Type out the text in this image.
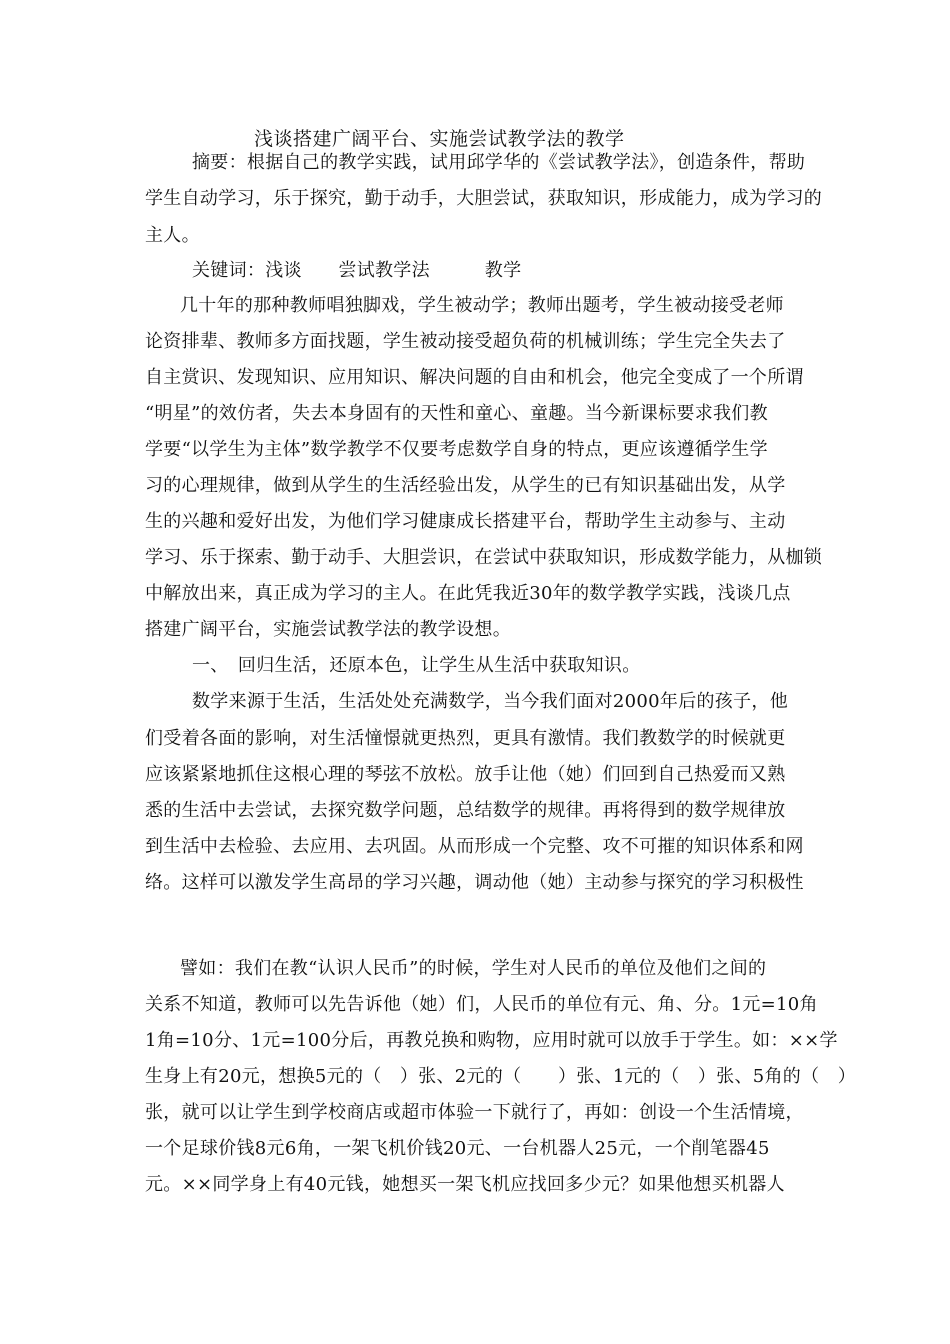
浅谈搭建广阔平台、实施尝试教学法的教学
摘要：根据自己的教学实践，试用邱学华的《尝试教学法》，创造条件，帮助
学生自动学习，乐于探究，勤于动手，大胆尝试，获取知识，形成能力，成为学习的
主人。
关键词：浅谈　　尝试教学法　　　教学
几十年的那种教师唱独脚戏，学生被动学；教师出题考，学生被动接受老师
论资排辈、教师多方面找题，学生被动接受超负荷的机械训练；学生完全失去了
自主赏识、发现知识、应用知识、解决问题的自由和机会，他完全变成了一个所谓
“明星”的效仿者，失去本身固有的天性和童心、童趣。当今新课标要求我们教
学要“以学生为主体”数学教学不仅要考虑数学自身的特点，更应该遵循学生学
习的心理规律，做到从学生的生活经验出发，从学生的已有知识基础出发，从学
生的兴趣和爱好出发，为他们学习健康成长搭建平台，帮助学生主动参与、主动
学习、乐于探索、勤于动手、大胆尝识，在尝试中获取知识，形成数学能力，从枷锁
中解放出来，真正成为学习的主人。在此凭我近30年的数学教学实践，浅谈几点
搭建广阔平台，实施尝试教学法的教学设想。
一、　回归生活，还原本色，让学生从生活中获取知识。
数学来源于生活，生活处处充满数学，当今我们面对2000年后的孩子，他
们受着各面的影响，对生活憧憬就更热烈，更具有激情。我们教数学的时候就更
应该紧紧地抓住这根心理的琴弦不放松。放手让他（她）们回到自己热爱而又熟
悉的生活中去尝试，去探究数学问题，总结数学的规律。再将得到的数学规律放
到生活中去检验、去应用、去巩固。从而形成一个完整、攻不可摧的知识体系和网
络。这样可以激发学生高昂的学习兴趣，调动他（她）主动参与探究的学习积极性
譬如：我们在教“认识人民币”的时候，学生对人民币的单位及他们之间的
关系不知道，教师可以先告诉他（她）们，人民币的单位有元、角、分。1元=10角
1角=10分、1元=100分后，再教兑换和购物，应用时就可以放手于学生。如：××学
生身上有20元，想换5元的（　）张、2元的（　　）张、1元的（　）张、5角的（　）
张，就可以让学生到学校商店或超市体验一下就行了，再如：创设一个生活情境，
一个足球价钱8元6角，一架飞机价钱20元、一台机器人25元，一个削笔器45
元。××同学身上有40元钱，她想买一架飞机应找回多少元？如果他想买机器人
